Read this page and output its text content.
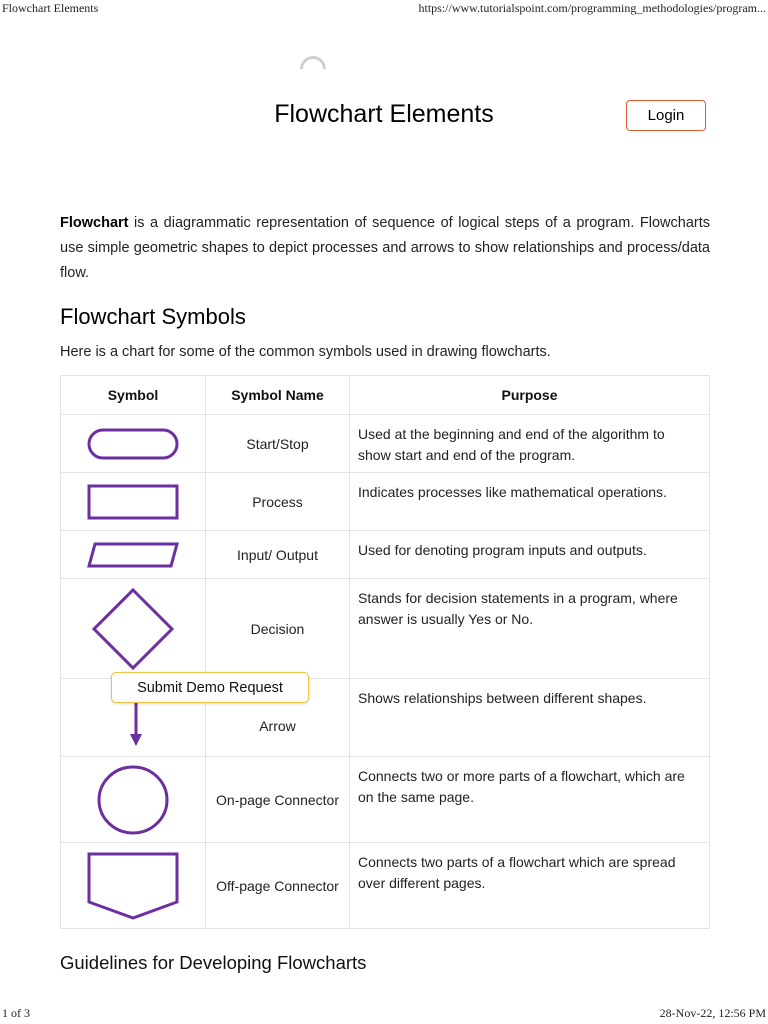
Flowchart Elements	https://www.tutorialspoint.com/programming_methodologies/program...
Flowchart Elements	Login

Flowchart is a diagrammatic representation of sequence of logical steps of a program. Flowcharts use simple geometric shapes to depict processes and arrows to show relationships and process/data flow.

Flowchart Symbols
Here is a chart for some of the common symbols used in drawing flowcharts.
Symbol	Symbol Name	Purpose

	Start/Stop	Used at the beginning and end of the algorithm to show start and end of the program.

	Process	Indicates processes like mathematical operations.

	Input/ Output	Used for denoting program inputs and outputs.

	Decision	Stands for decision statements in a program, where answer is usually Yes or No.

	Arrow	Shows relationships between different shapes.

	On-page Connector	Connects two or more parts of a flowchart, which are on the same page.

	Off-page Connector	Connects two parts of a flowchart which are spread over different pages.
Submit Demo Request
Guidelines for Developing Flowcharts
1 of 3	28-Nov-22, 12:56 PM
